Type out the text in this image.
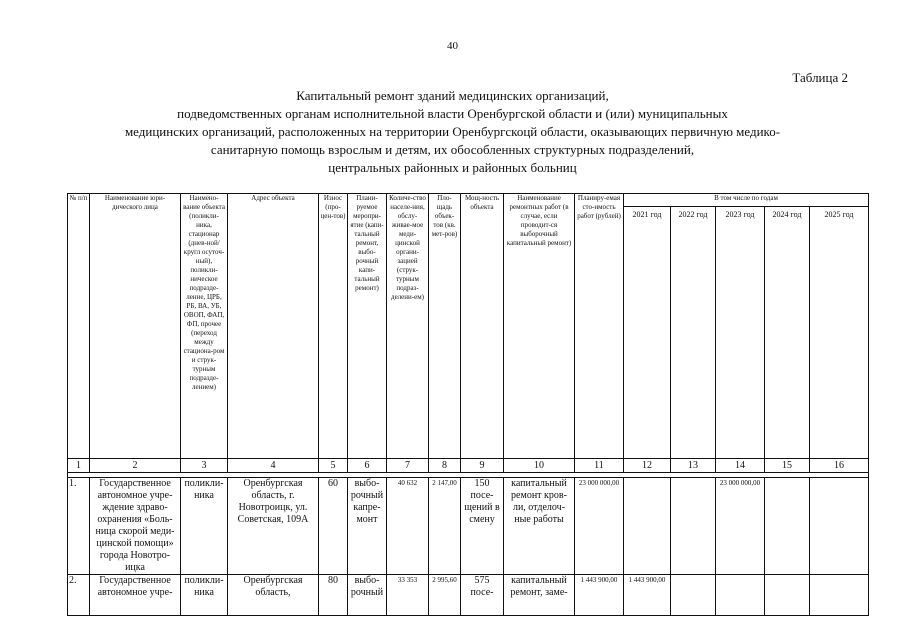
40
Таблица 2
Капитальный ремонт зданий медицинских организаций,
подведомственных органам исполнительной власти Оренбургской области и (или) муниципальных
медицинских организаций, расположенных на территории Оренбургскоцй области, оказывающих первичную медико-
санитарную помощь взрослым и детям, их обособленных структурных подразделений,
центральных районных и районных больниц
№ п/п	Наименование юри-дического лица	Наимено-вание объекта (поликли-ника, стационар (днев-ной/кругл осуточ-ный), поликли-ническое подразде-ление, ЦРБ, РБ, ВА, УБ, ОВОП, ФАП, ФП, прочее (переход между стациона-ром и струк-турным подразде-лением)	Адрес объекта	Износ (про-цен-тов)	Плани-руемое меропри-ятие (капи-тальный ремонт, выбо-рочный капи-тальный ремонт)	Количе-ство населе-ния, обслу-живае-мое меди-цинской органи-зацией (струк-турным подраз-делени-ем)	Пло-щадь объек-тов (кв. мет-ров)	Мощ-ность объекта	Наименование ремонтных работ (в случае, если проводит-ся выборочный капитальный ремонт)	Планиру-емая сто-имость работ (рублей)	В том числе по годам				
											2021 год	2022 год	2023 год	2024 год	2025 год
1	2	3	4	5	6	7	8	9	10	11	12	13	14	15	16

1.	Государственное автономное учре-ждение здраво-охранения «Боль-ница скорой меди-цинской помощи» города Новотро-ицка	поликли-ника	Оренбургская область, г. Новотроицк, ул. Советская, 109А	60	выбо-рочный капре-монт	40 632	2 147,00	150 посе-щений в смену	капитальный ремонт кров-ли, отделоч-ные работы	23 000 000,00			23 000 000,00		
2.	Государственное автономное учре-	поликли-ника	Оренбургская область,	80	выбо-рочный	33 353	2 995,60	575 посе-	капитальный ремонт, заме-	1 443 900,00	1 443 900,00				
